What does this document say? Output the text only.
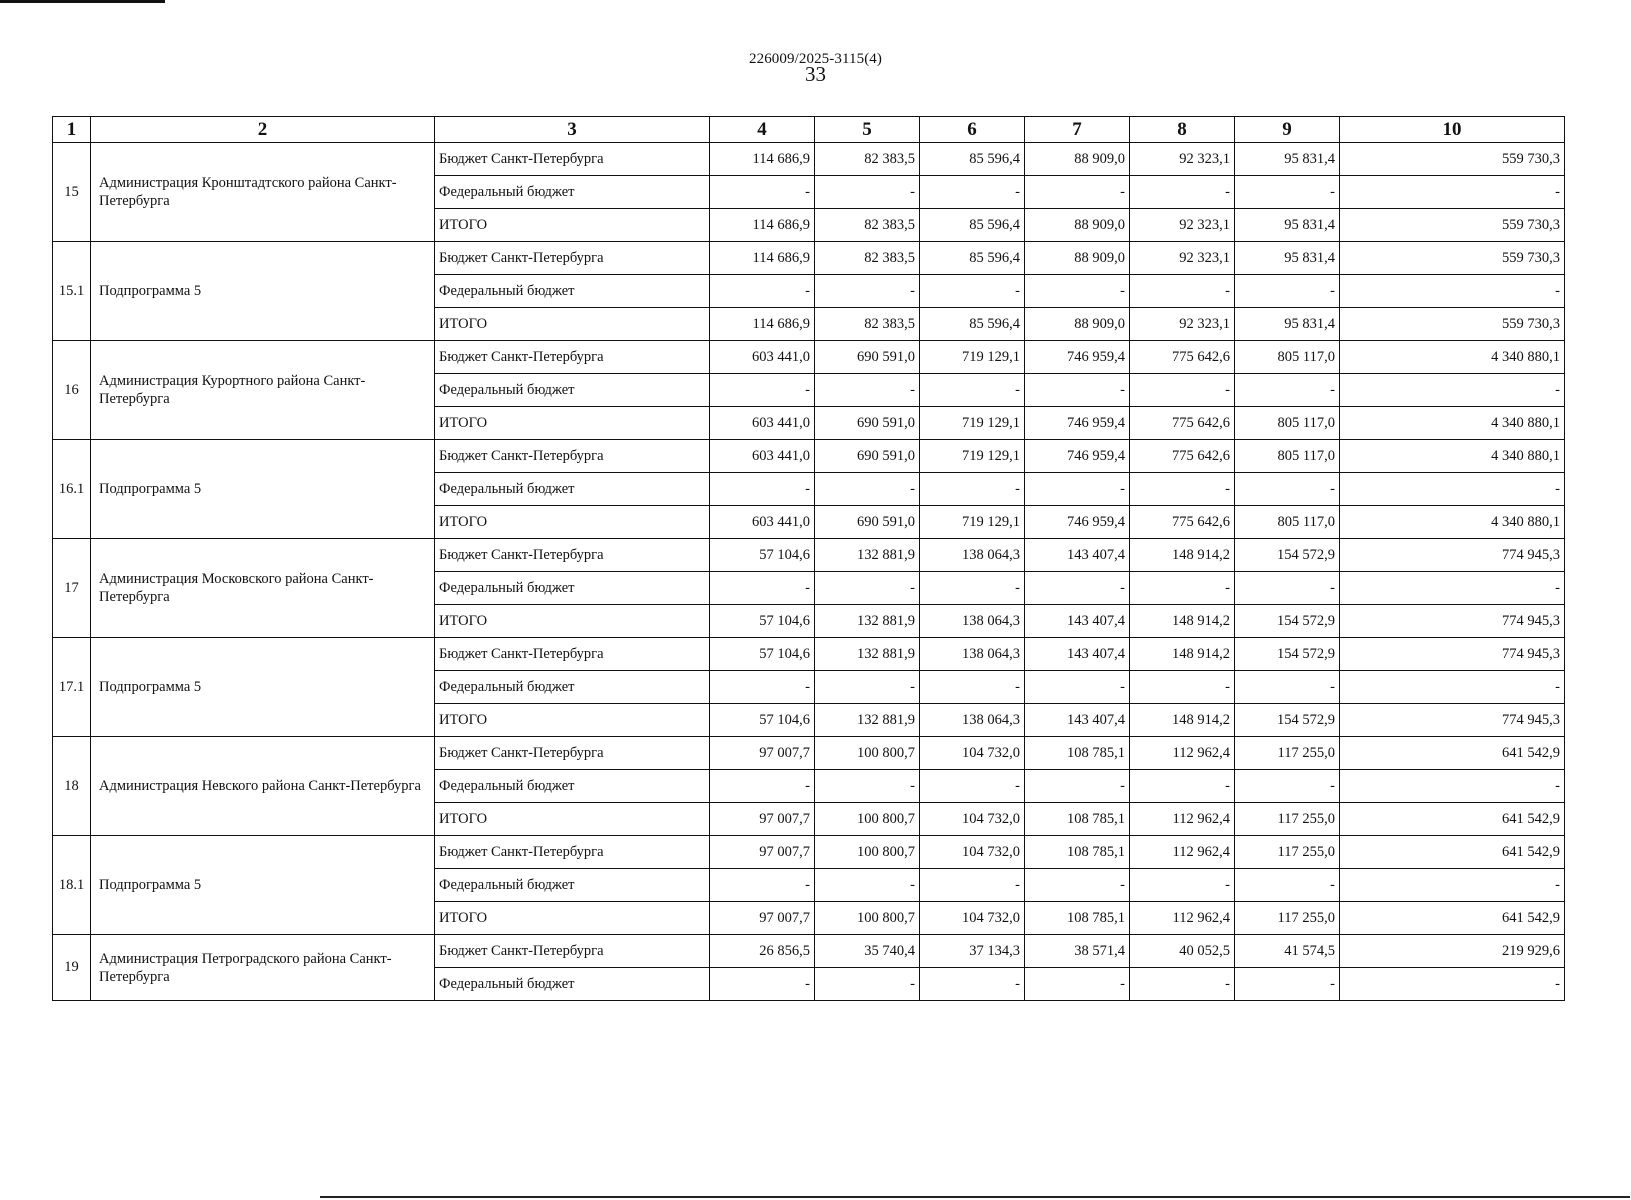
226009/2025-3115(4)
33
1	2	3	4	5	6	7	8	9	10
15	Администрация Кронштадтского района Санкт-Петербурга	Бюджет Санкт-Петербурга	114 686,9	82 383,5	85 596,4	88 909,0	92 323,1	95 831,4	559 730,3
		Федеральный бюджет	-	-	-	-	-	-	-
		ИТОГО	114 686,9	82 383,5	85 596,4	88 909,0	92 323,1	95 831,4	559 730,3
15.1	Подпрограмма 5	Бюджет Санкт-Петербурга	114 686,9	82 383,5	85 596,4	88 909,0	92 323,1	95 831,4	559 730,3
		Федеральный бюджет	-	-	-	-	-	-	-
		ИТОГО	114 686,9	82 383,5	85 596,4	88 909,0	92 323,1	95 831,4	559 730,3
16	Администрация Курортного района Санкт-Петербурга	Бюджет Санкт-Петербурга	603 441,0	690 591,0	719 129,1	746 959,4	775 642,6	805 117,0	4 340 880,1
		Федеральный бюджет	-	-	-	-	-	-	-
		ИТОГО	603 441,0	690 591,0	719 129,1	746 959,4	775 642,6	805 117,0	4 340 880,1
16.1	Подпрограмма 5	Бюджет Санкт-Петербурга	603 441,0	690 591,0	719 129,1	746 959,4	775 642,6	805 117,0	4 340 880,1
		Федеральный бюджет	-	-	-	-	-	-	-
		ИТОГО	603 441,0	690 591,0	719 129,1	746 959,4	775 642,6	805 117,0	4 340 880,1
17	Администрация Московского района Санкт-Петербурга	Бюджет Санкт-Петербурга	57 104,6	132 881,9	138 064,3	143 407,4	148 914,2	154 572,9	774 945,3
		Федеральный бюджет	-	-	-	-	-	-	-
		ИТОГО	57 104,6	132 881,9	138 064,3	143 407,4	148 914,2	154 572,9	774 945,3
17.1	Подпрограмма 5	Бюджет Санкт-Петербурга	57 104,6	132 881,9	138 064,3	143 407,4	148 914,2	154 572,9	774 945,3
		Федеральный бюджет	-	-	-	-	-	-	-
		ИТОГО	57 104,6	132 881,9	138 064,3	143 407,4	148 914,2	154 572,9	774 945,3
18	Администрация Невского района Санкт-Петербурга	Бюджет Санкт-Петербурга	97 007,7	100 800,7	104 732,0	108 785,1	112 962,4	117 255,0	641 542,9
		Федеральный бюджет	-	-	-	-	-	-	-
		ИТОГО	97 007,7	100 800,7	104 732,0	108 785,1	112 962,4	117 255,0	641 542,9
18.1	Подпрограмма 5	Бюджет Санкт-Петербурга	97 007,7	100 800,7	104 732,0	108 785,1	112 962,4	117 255,0	641 542,9
		Федеральный бюджет	-	-	-	-	-	-	-
		ИТОГО	97 007,7	100 800,7	104 732,0	108 785,1	112 962,4	117 255,0	641 542,9
19	Администрация Петроградского района Санкт-Петербурга	Бюджет Санкт-Петербурга	26 856,5	35 740,4	37 134,3	38 571,4	40 052,5	41 574,5	219 929,6
		Федеральный бюджет	-	-	-	-	-	-	-
